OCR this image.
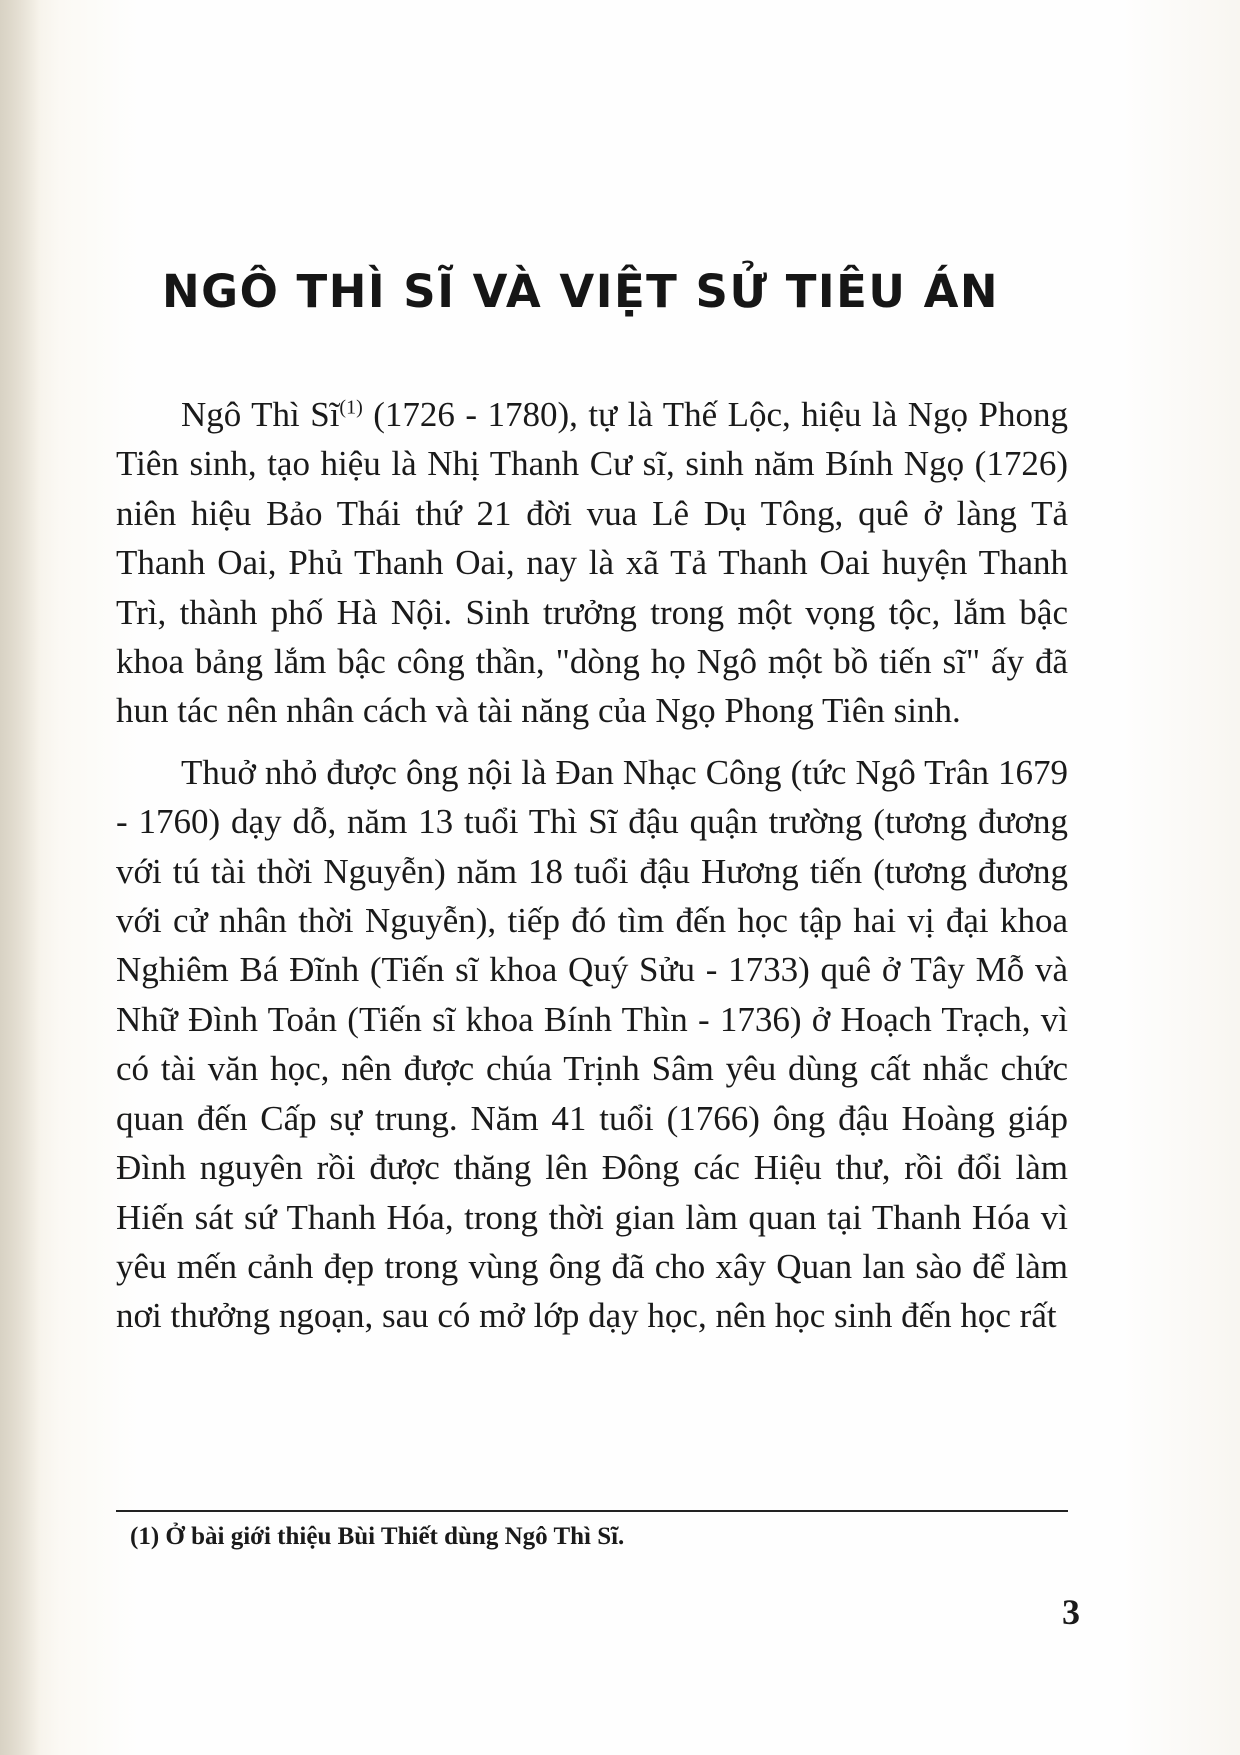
NGÔ THÌ SĨ VÀ VIỆT SỬ TIÊU ÁN

Ngô Thì Sĩ$^{(1)}$ (1726 - 1780), tự là Thế Lộc, hiệu là Ngọ Phong Tiên sinh, tạo hiệu là Nhị Thanh Cư sĩ, sinh năm Bính Ngọ (1726) niên hiệu Bảo Thái thứ 21 đời vua Lê Dụ Tông, quê ở làng Tả Thanh Oai, Phủ Thanh Oai, nay là xã Tả Thanh Oai huyện Thanh Trì, thành phố Hà Nội. Sinh trưởng trong một vọng tộc, lắm bậc khoa bảng lắm bậc công thần, "dòng họ Ngô một bồ tiến sĩ" ấy đã hun tác nên nhân cách và tài năng của Ngọ Phong Tiên sinh.

Thuở nhỏ được ông nội là Đan Nhạc Công (tức Ngô Trân 1679 - 1760) dạy dỗ, năm 13 tuổi Thì Sĩ đậu quận trường (tương đương với tú tài thời Nguyễn) năm 18 tuổi đậu Hương tiến (tương đương với cử nhân thời Nguyễn), tiếp đó tìm đến học tập hai vị đại khoa Nghiêm Bá Đĩnh (Tiến sĩ khoa Quý Sửu - 1733) quê ở Tây Mỗ và Nhữ Đình Toản (Tiến sĩ khoa Bính Thìn - 1736) ở Hoạch Trạch, vì có tài văn học, nên được chúa Trịnh Sâm yêu dùng cất nhắc chức quan đến Cấp sự trung. Năm 41 tuổi (1766) ông đậu Hoàng giáp Đình nguyên rồi được thăng lên Đông các Hiệu thư, rồi đổi làm Hiến sát sứ Thanh Hóa, trong thời gian làm quan tại Thanh Hóa vì yêu mến cảnh đẹp trong vùng ông đã cho xây Quan lan sào để làm nơi thưởng ngoạn, sau có mở lớp dạy học, nên học sinh đến học rất

(1) Ở bài giới thiệu Bùi Thiết dùng Ngô Thì Sĩ.
3
